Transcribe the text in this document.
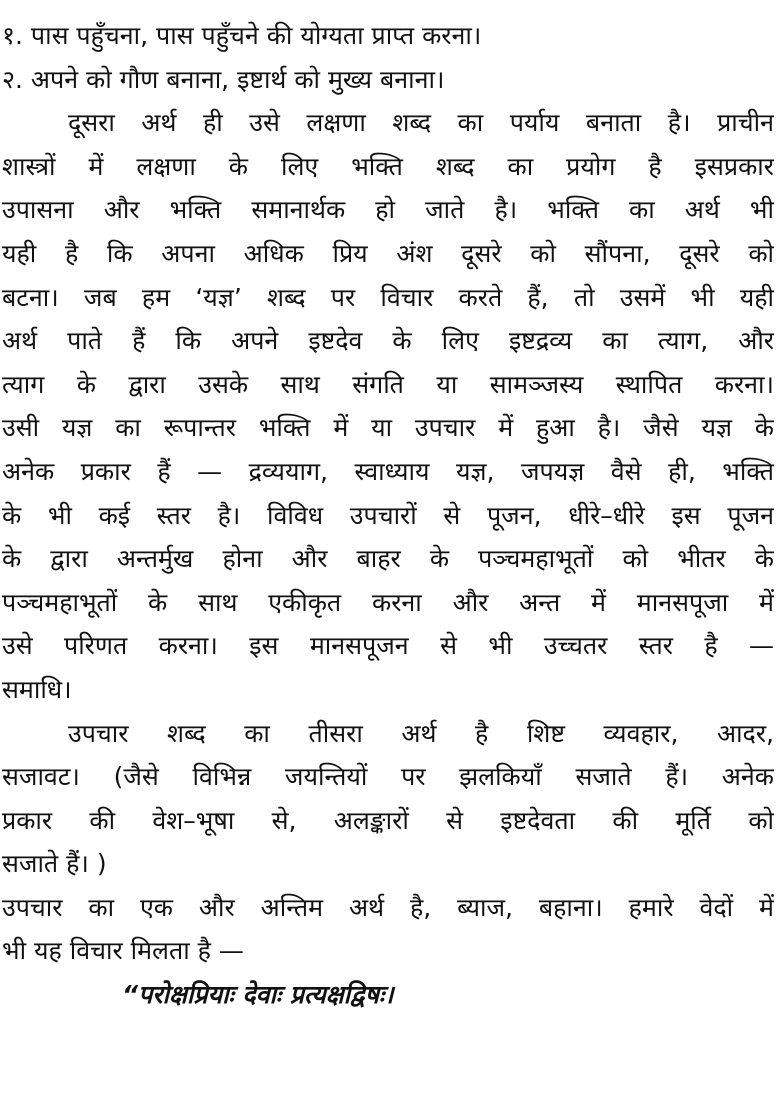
१. पास पहुँचना, पास पहुँचने की योग्यता प्राप्त करना।
२. अपने को गौण बनाना, इष्टार्थ को मुख्य बनाना।
दूसरा अर्थ ही उसे लक्षणा शब्द का पर्याय बनाता है। प्राचीन
शास्त्रों में लक्षणा के लिए भक्ति शब्द का प्रयोग है इसप्रकार
उपासना और भक्ति समानार्थक हो जाते है। भक्ति का अर्थ भी
यही है कि अपना अधिक प्रिय अंश दूसरे को सौंपना, दूसरे को
बटना। जब हम ‘यज्ञ’ शब्द पर विचार करते हैं, तो उसमें भी यही
अर्थ पाते हैं कि अपने इष्टदेव के लिए इष्टद्रव्य का त्याग, और
त्याग के द्वारा उसके साथ संगति या सामञ्जस्य स्थापित करना।
उसी यज्ञ का रूपान्तर भक्ति में या उपचार में हुआ है। जैसे यज्ञ के
अनेक प्रकार हैं — द्रव्ययाग, स्वाध्याय यज्ञ, जपयज्ञ वैसे ही, भक्ति
के भी कई स्तर है। विविध उपचारों से पूजन, धीरे–धीरे इस पूजन
के द्वारा अन्तर्मुख होना और बाहर के पञ्चमहाभूतों को भीतर के
पञ्चमहाभूतों के साथ एकीकृत करना और अन्त में मानसपूजा में
उसे परिणत करना। इस मानसपूजन से भी उच्चतर स्तर है —
समाधि।
उपचार शब्द का तीसरा अर्थ है शिष्ट व्यवहार, आदर,
सजावट। (जैसे विभिन्न जयन्तियों पर झलकियाँ सजाते हैं। अनेक
प्रकार की वेश–भूषा से, अलङ्कारों से इष्टदेवता की मूर्ति को
सजाते हैं। )
उपचार का एक और अन्तिम अर्थ है, ब्याज, बहाना। हमारे वेदों में
भी यह विचार मिलता है —
“परोक्षप्रियाः देवाः प्रत्यक्षद्विषः।
